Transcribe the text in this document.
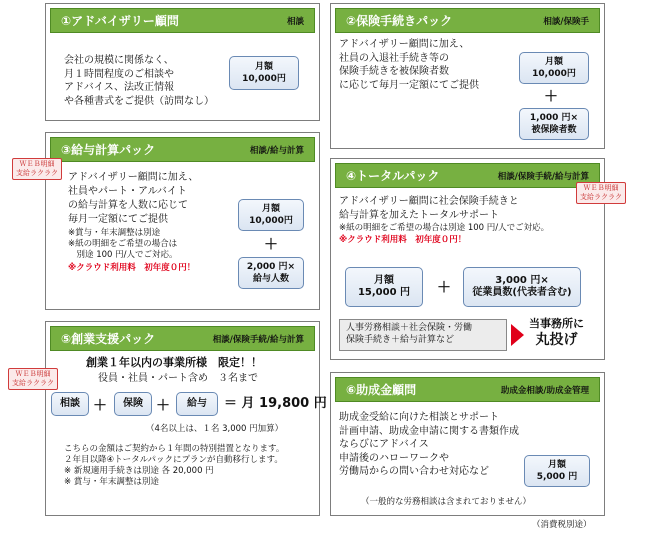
①アドバイザリー顧問	相談
会社の規模に関係なく、
月１時間程度のご相談や
アドバイス、法改正情報
や各種書式をご提供（訪問なし）
月額
10,000円
②保険手続きパック	相談/保険手
アドバイザリー顧問に加え、
社員の入退社手続き等の
保険手続きを被保険者数
に応じて毎月一定額にてご提供
月額
10,000円
＋
1,000 円×
被保険者数
③給与計算パック	相談/給与計算
アドバイザリー顧問に加え、
社員やパート・アルバイト
の給与計算を人数に応じて
毎月一定額にてご提供
※賞与・年末調整は別途
※紙の明細をご希望の場合は
　別途 100 円/人でご対応。
※クラウド利用料　初年度０円！
月額
10,000円
＋
2,000 円×
給与人数
ＷＥＢ明細
支給ラクラク	④トータルパック	相談/保険手続/給与計算
アドバイザリー顧問に社会保険手続きと
給与計算を加えたトータルサポート
※紙の明細をご希望の場合は別途 100 円/人でご対応。
※クラウド利用料　初年度０円！
月額
15,000 円 ＋	3,000 円×
従業員数(代表者含む)
人事労務相談＋社会保険・労働
保険手続き＋給与計算など
当事務所に
丸投げ
ＷＥＢ明細
支給ラクラク
⑤創業支援パック	相談/保険手続/給与計算
創業１年以内の事業所様　限定！！
役員・社員・パート含め　３名まで
相談 ＋ 保険 ＋ 給与 ＝ 月 19,800 円
（4名以上は、１名 3,000 円加算）
こちらの金額はご契約から１年間の特別措置となります。
２年目以降④トータルパックにプランが自動移行します。
※ 新規適用手続きは別途 各 20,000 円
※ 賞与・年末調整は別途
ＷＥＢ明細
支給ラクラク	⑥助成金顧問	助成金相談/助成金管理
助成金受給に向けた相談とサポート
計画申請、助成金申請に関する書類作成
ならびにアドバイス
申請後のハローワークや
労働局からの問い合わせ対応など
月額
5,000 円
（一般的な労務相談は含まれておりません）
（消費税別途）
